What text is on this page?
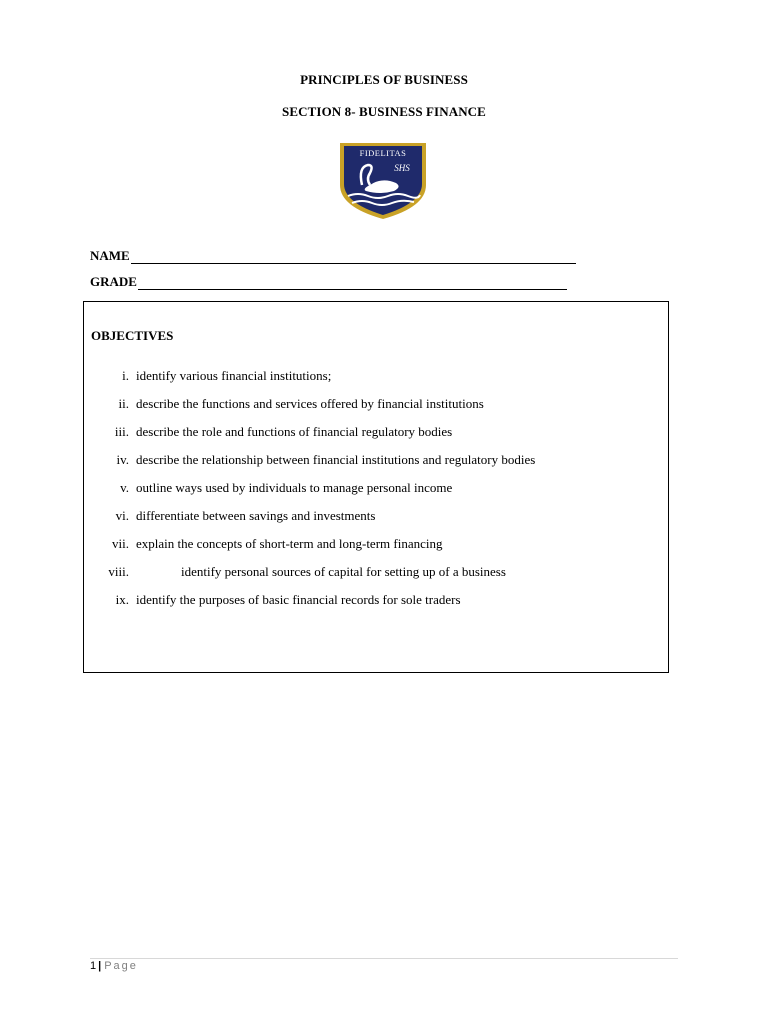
PRINCIPLES OF BUSINESS
SECTION 8- BUSINESS FINANCE
FIDELITAS
SHS
NAME
GRADE
OBJECTIVES
i. identify various financial institutions;
ii. describe the functions and services offered by financial institutions
iii. describe the role and functions of financial regulatory bodies
iv. describe the relationship between financial institutions and regulatory bodies
v. outline ways used by individuals to manage personal income
vi. differentiate between savings and investments
vii. explain the concepts of short-term and long-term financing
viii.	identify personal sources of capital for setting up of a business
ix. identify the purposes of basic financial records for sole traders
1 | Page
